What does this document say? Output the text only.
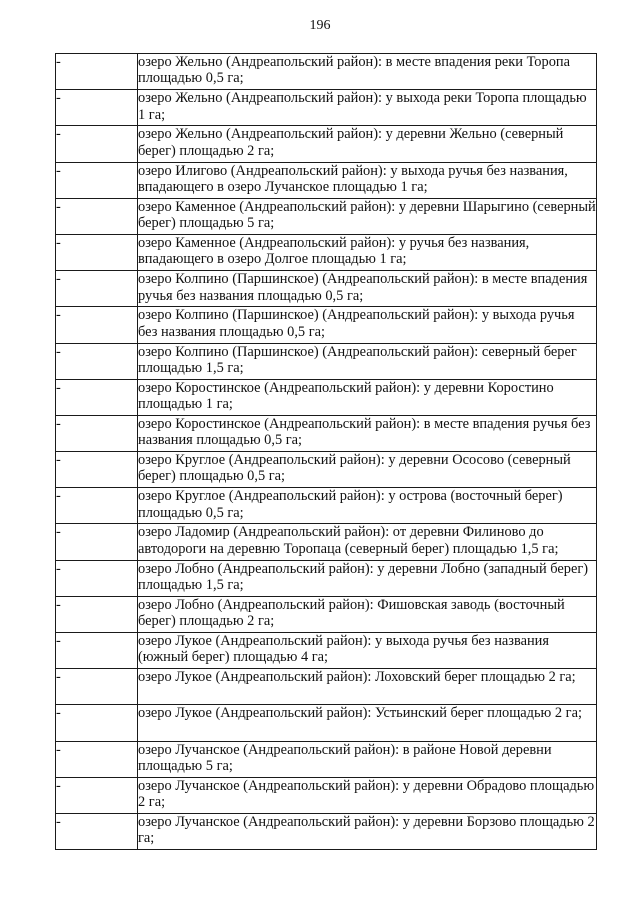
196
-	озеро Жельно (Андреапольский район): в месте впадения реки Торопа площадью 0,5 га;
-	озеро Жельно (Андреапольский район): у выхода реки Торопа площадью 1 га;
-	озеро Жельно (Андреапольский район): у деревни Жельно (северный берег) площадью 2 га;
-	озеро Илигово (Андреапольский район): у выхода ручья без названия, впадающего в озеро Лучанское площадью 1 га;
-	озеро Каменное (Андреапольский район): у деревни Шарыгино (северный берег) площадью 5 га;
-	озеро Каменное (Андреапольский район): у ручья без названия, впадающего в озеро Долгое площадью 1 га;
-	озеро Колпино (Паршинское) (Андреапольский район): в месте впадения ручья без названия площадью 0,5 га;
-	озеро Колпино (Паршинское) (Андреапольский район): у выхода ручья без названия площадью 0,5 га;
-	озеро Колпино (Паршинское) (Андреапольский район): северный берег площадью 1,5 га;
-	озеро Коростинское (Андреапольский район): у деревни Коростино площадью 1 га;
-	озеро Коростинское (Андреапольский район): в месте впадения ручья без названия площадью 0,5 га;
-	озеро Круглое (Андреапольский район): у деревни Ососово (северный берег) площадью 0,5 га;
-	озеро Круглое (Андреапольский район): у острова (восточный берег) площадью 0,5 га;
-	озеро Ладомир (Андреапольский район): от деревни Филиново до автодороги на деревню Торопаца (северный берег) площадью 1,5 га;
-	озеро Лобно (Андреапольский район): у деревни Лобно (западный берег) площадью 1,5 га;
-	озеро Лобно (Андреапольский район): Фишовская заводь (восточный берег) площадью 2 га;
-	озеро Лукое (Андреапольский район): у выхода ручья без названия (южный берег) площадью 4 га;
-	озеро Лукое (Андреапольский район): Лоховский берег площадью 2 га;
-	озеро Лукое (Андреапольский район): Устьинский берег площадью 2 га;
-	озеро Лучанское (Андреапольский район): в районе Новой деревни площадью 5 га;
-	озеро Лучанское (Андреапольский район): у деревни Обрадово площадью 2 га;
-	озеро Лучанское (Андреапольский район): у деревни Борзово площадью 2 га;
